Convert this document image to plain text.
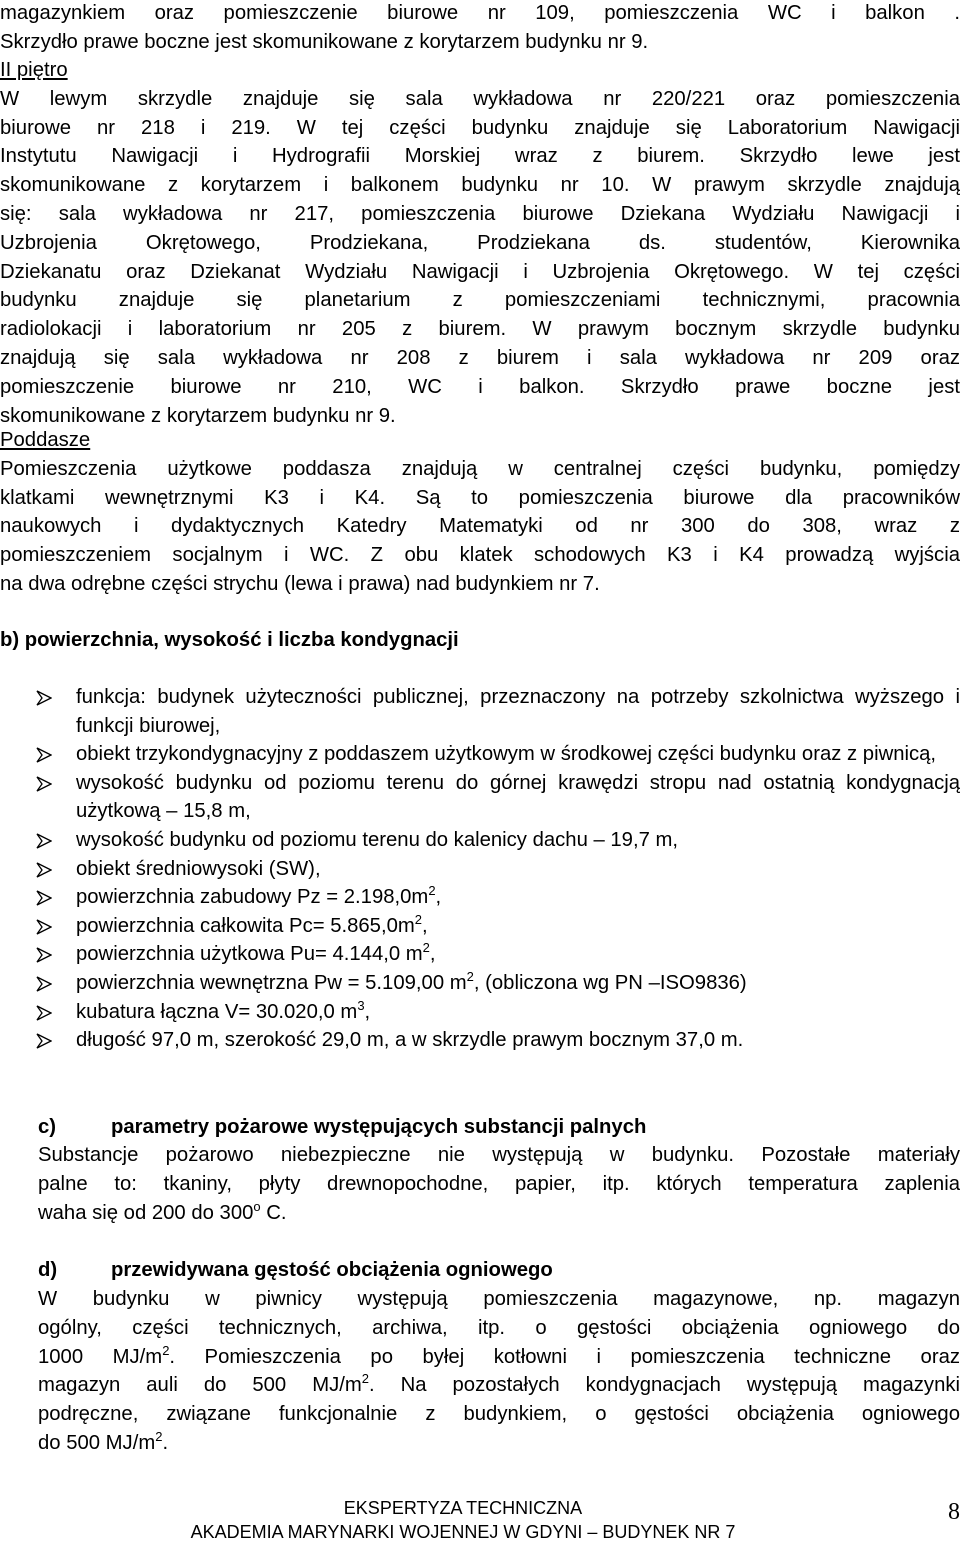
magazynkiem oraz pomieszczenie biurowe nr 109, pomieszczenia WC i balkon .
Skrzydło prawe boczne jest skomunikowane z korytarzem budynku nr 9.
II piętro
W lewym skrzydle znajduje się sala wykładowa nr 220/221 oraz pomieszczenia
biurowe nr 218 i 219. W tej części budynku znajduje się Laboratorium Nawigacji
Instytutu Nawigacji i Hydrografii Morskiej wraz z biurem. Skrzydło lewe jest
skomunikowane z korytarzem i balkonem budynku nr 10. W prawym skrzydle znajdują
się: sala wykładowa nr 217, pomieszczenia biurowe Dziekana Wydziału Nawigacji i
Uzbrojenia Okrętowego, Prodziekana, Prodziekana ds. studentów, Kierownika
Dziekanatu oraz Dziekanat Wydziału Nawigacji i Uzbrojenia Okrętowego. W tej części
budynku znajduje się planetarium z pomieszczeniami technicznymi, pracownia
radiolokacji i laboratorium nr 205 z biurem. W prawym bocznym skrzydle budynku
znajdują się sala wykładowa nr 208 z biurem i sala wykładowa nr 209 oraz
pomieszczenie biurowe nr 210, WC i balkon. Skrzydło prawe boczne jest
skomunikowane z korytarzem budynku nr 9.
Poddasze
Pomieszczenia użytkowe poddasza znajdują w centralnej części budynku, pomiędzy
klatkami wewnętrznymi K3 i K4. Są to pomieszczenia biurowe dla pracowników
naukowych i dydaktycznych Katedry Matematyki od nr 300 do 308, wraz z
pomieszczeniem socjalnym i WC. Z obu klatek schodowych K3 i K4 prowadzą wyjścia
na dwa odrębne części strychu (lewa i prawa) nad budynkiem nr 7.
b) powierzchnia, wysokość i liczba kondygnacji
funkcja: budynek użyteczności publicznej, przeznaczony na potrzeby szkolnictwa wyższego i funkcji biurowej,
obiekt trzykondygnacyjny z poddaszem użytkowym w środkowej części budynku oraz z piwnicą,
wysokość budynku od poziomu terenu do górnej krawędzi stropu nad ostatnią kondygnacją użytkową – 15,8 m,
wysokość budynku od poziomu terenu do kalenicy dachu – 19,7 m,
obiekt średniowysoki (SW),
powierzchnia zabudowy $Pz = 2.198,0m^2$,
powierzchnia całkowita $Pc= 5.865,0m^2$,
powierzchnia użytkowa Pu= 4.144,0 $m^2$,
powierzchnia wewnętrzna Pw = 5.109,00 $m^2$, (obliczona wg PN –ISO9836)
kubatura łączna V= 30.020,0 $m^3$,
długość 97,0 m, szerokość 29,0 m, a w skrzydle prawym bocznym 37,0 m.
c)	parametry pożarowe występujących substancji palnych
Substancje pożarowo niebezpieczne nie występują w budynku. Pozostałe materiały
palne to: tkaniny, płyty drewnopochodne, papier, itp. których temperatura zaplenia
waha się od 200 do 300$^o$ C.
d)	przewidywana gęstość obciążenia ogniowego
W budynku w piwnicy występują pomieszczenia magazynowe, np. magazyn
ogólny, części technicznych, archiwa, itp. o gęstości obciążenia ogniowego do
1000 $MJ/m^2$. Pomieszczenia po byłej kotłowni i pomieszczenia techniczne oraz
magazyn auli do 500 $MJ/m^2$. Na pozostałych kondygnacjach występują magazynki
podręczne, związane funkcjonalnie z budynkiem, o gęstości obciążenia ogniowego
do 500 $MJ/m^2$.
EKSPERTYZA TECHNICZNA
AKADEMIA MARYNARKI WOJENNEJ W GDYNI – BUDYNEK NR 7
8
